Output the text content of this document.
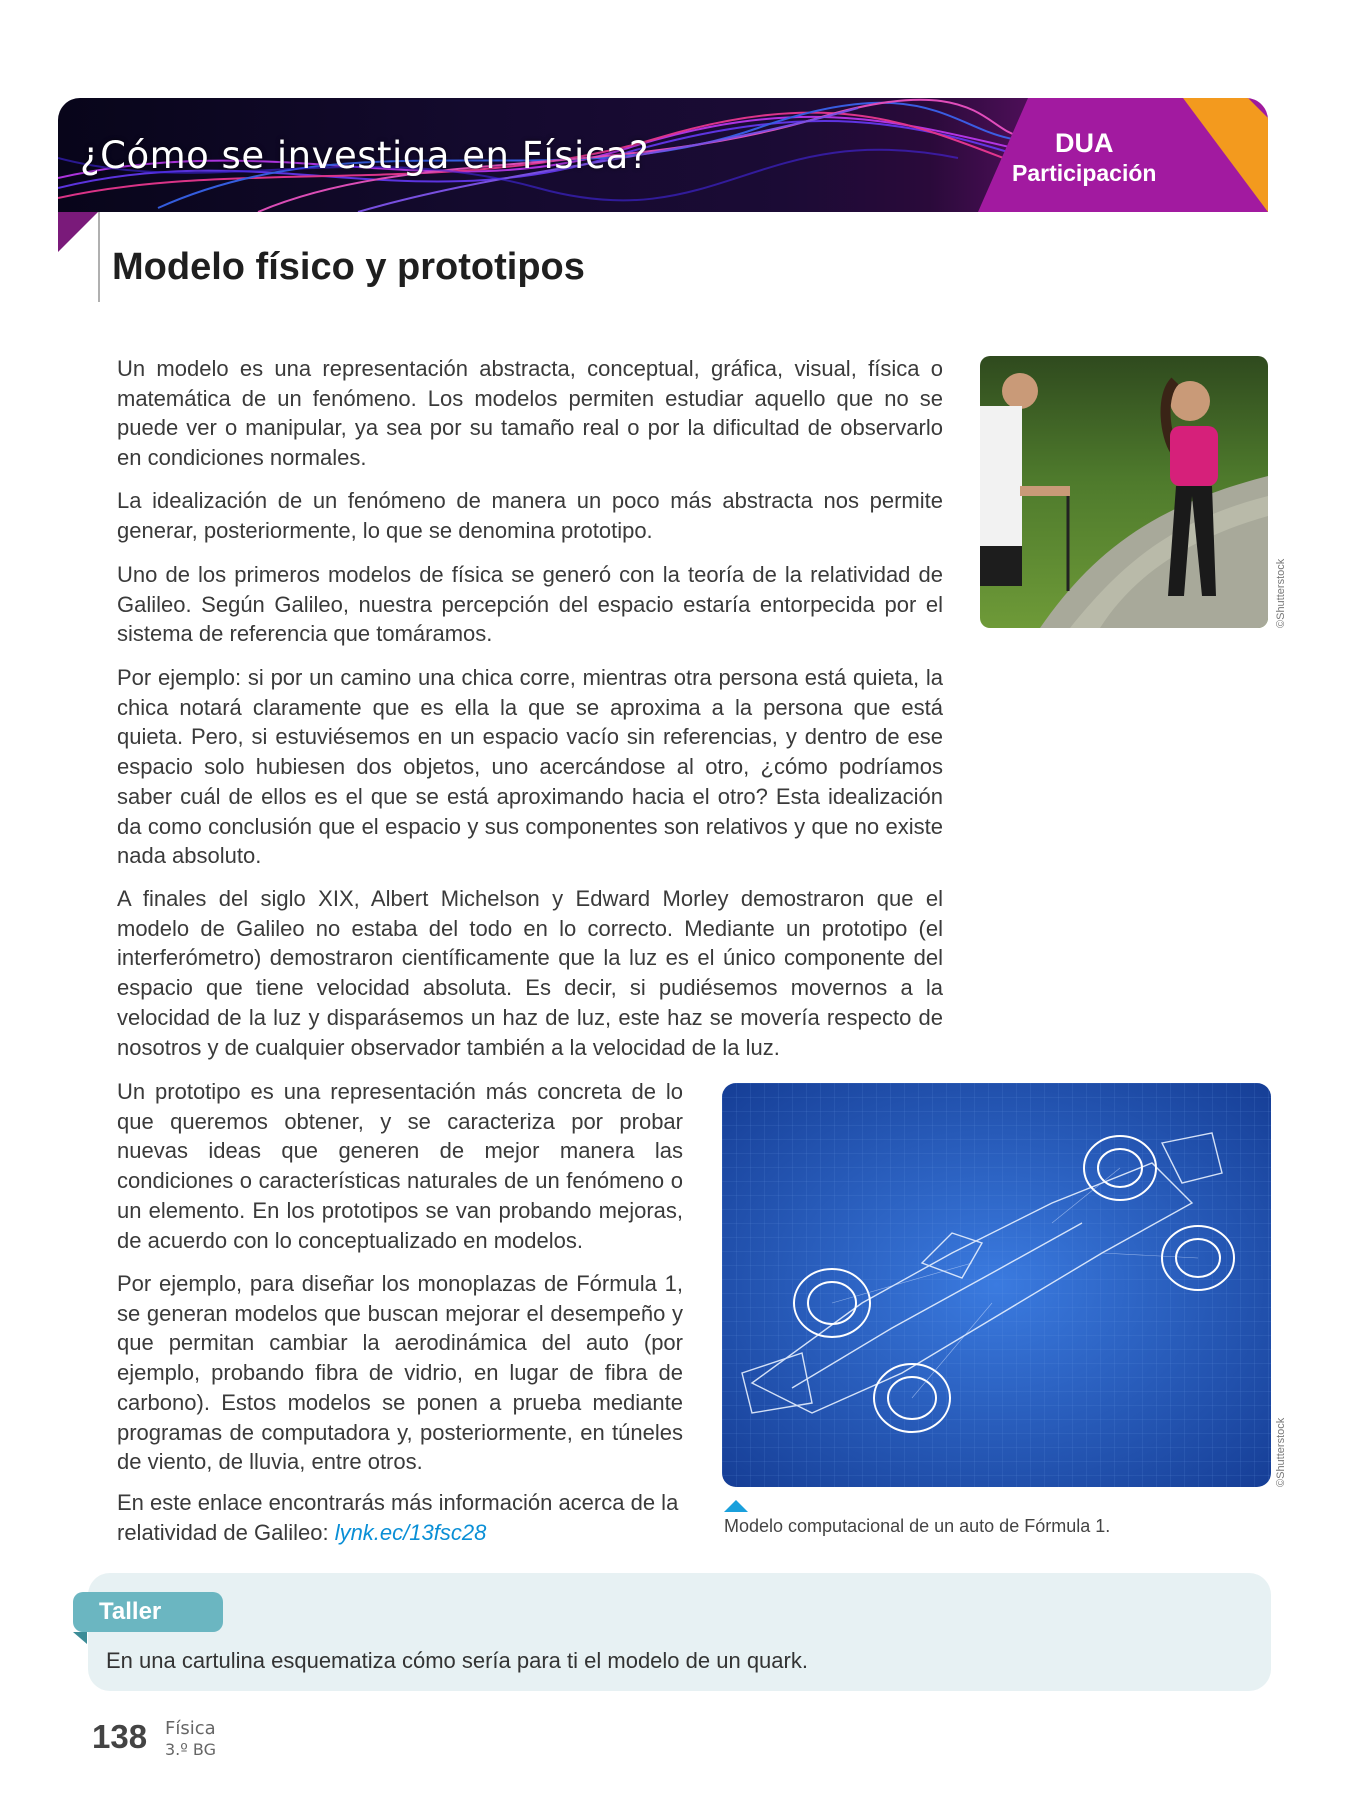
¿Cómo se investiga en Física?	DUA
Participación
Modelo físico y prototipos

Un modelo es una representación abstracta, conceptual, gráfica, visual, física o matemática de un fenómeno. Los modelos permiten estudiar aquello que no se puede ver o manipular, ya sea por su tamaño real o por la dificultad de observarlo en condiciones normales.

La idealización de un fenómeno de manera un poco más abstracta nos permite generar, posteriormente, lo que se denomina prototipo.

Uno de los primeros modelos de física se generó con la teoría de la relatividad de Galileo. Según Galileo, nuestra percepción del espacio estaría entorpecida por el sistema de referencia que tomáramos.

Por ejemplo: si por un camino una chica corre, mientras otra persona está quieta, la chica notará claramente que es ella la que se aproxima a la persona que está quieta. Pero, si estuviésemos en un espacio vacío sin referencias, y dentro de ese espacio solo hubiesen dos objetos, uno acercándose al otro, ¿cómo podríamos saber cuál de ellos es el que se está aproximando hacia el otro? Esta idealización da como conclusión que el espacio y sus componentes son relativos y que no existe nada absoluto.

A finales del siglo XIX, Albert Michelson y Edward Morley demostraron que el modelo de Galileo no estaba del todo en lo correcto. Mediante un prototipo (el interferómetro) demostraron científicamente que la luz es el único componente del espacio que tiene velocidad absoluta. Es decir, si pudiésemos movernos a la velocidad de la luz y disparásemos un haz de luz, este haz se movería respecto de nosotros y de cualquier observador también a la velocidad de la luz.

Un prototipo es una representación más concreta de lo que queremos obtener, y se caracteriza por probar nuevas ideas que generen de mejor manera las condiciones o características naturales de un fenómeno o un elemento. En los prototipos se van probando mejoras, de acuerdo con lo conceptualizado en modelos.

Por ejemplo, para diseñar los monoplazas de Fórmula 1, se generan modelos que buscan mejorar el desempeño y que permitan cambiar la aerodinámica del auto (por ejemplo, probando fibra de vidrio, en lugar de fibra de carbono). Estos modelos se ponen a prueba mediante programas de computadora y, posteriormente, en túneles de viento, de lluvia, entre otros.

En este enlace encontrarás más información acerca de la relatividad de Galileo: lynk.ec/13fsc28

©Shutterstock
©Shutterstock
Modelo computacional de un auto de Fórmula 1.
Taller
En una cartulina esquematiza cómo sería para ti el modelo de un quark.
138 Física
3.º BG
